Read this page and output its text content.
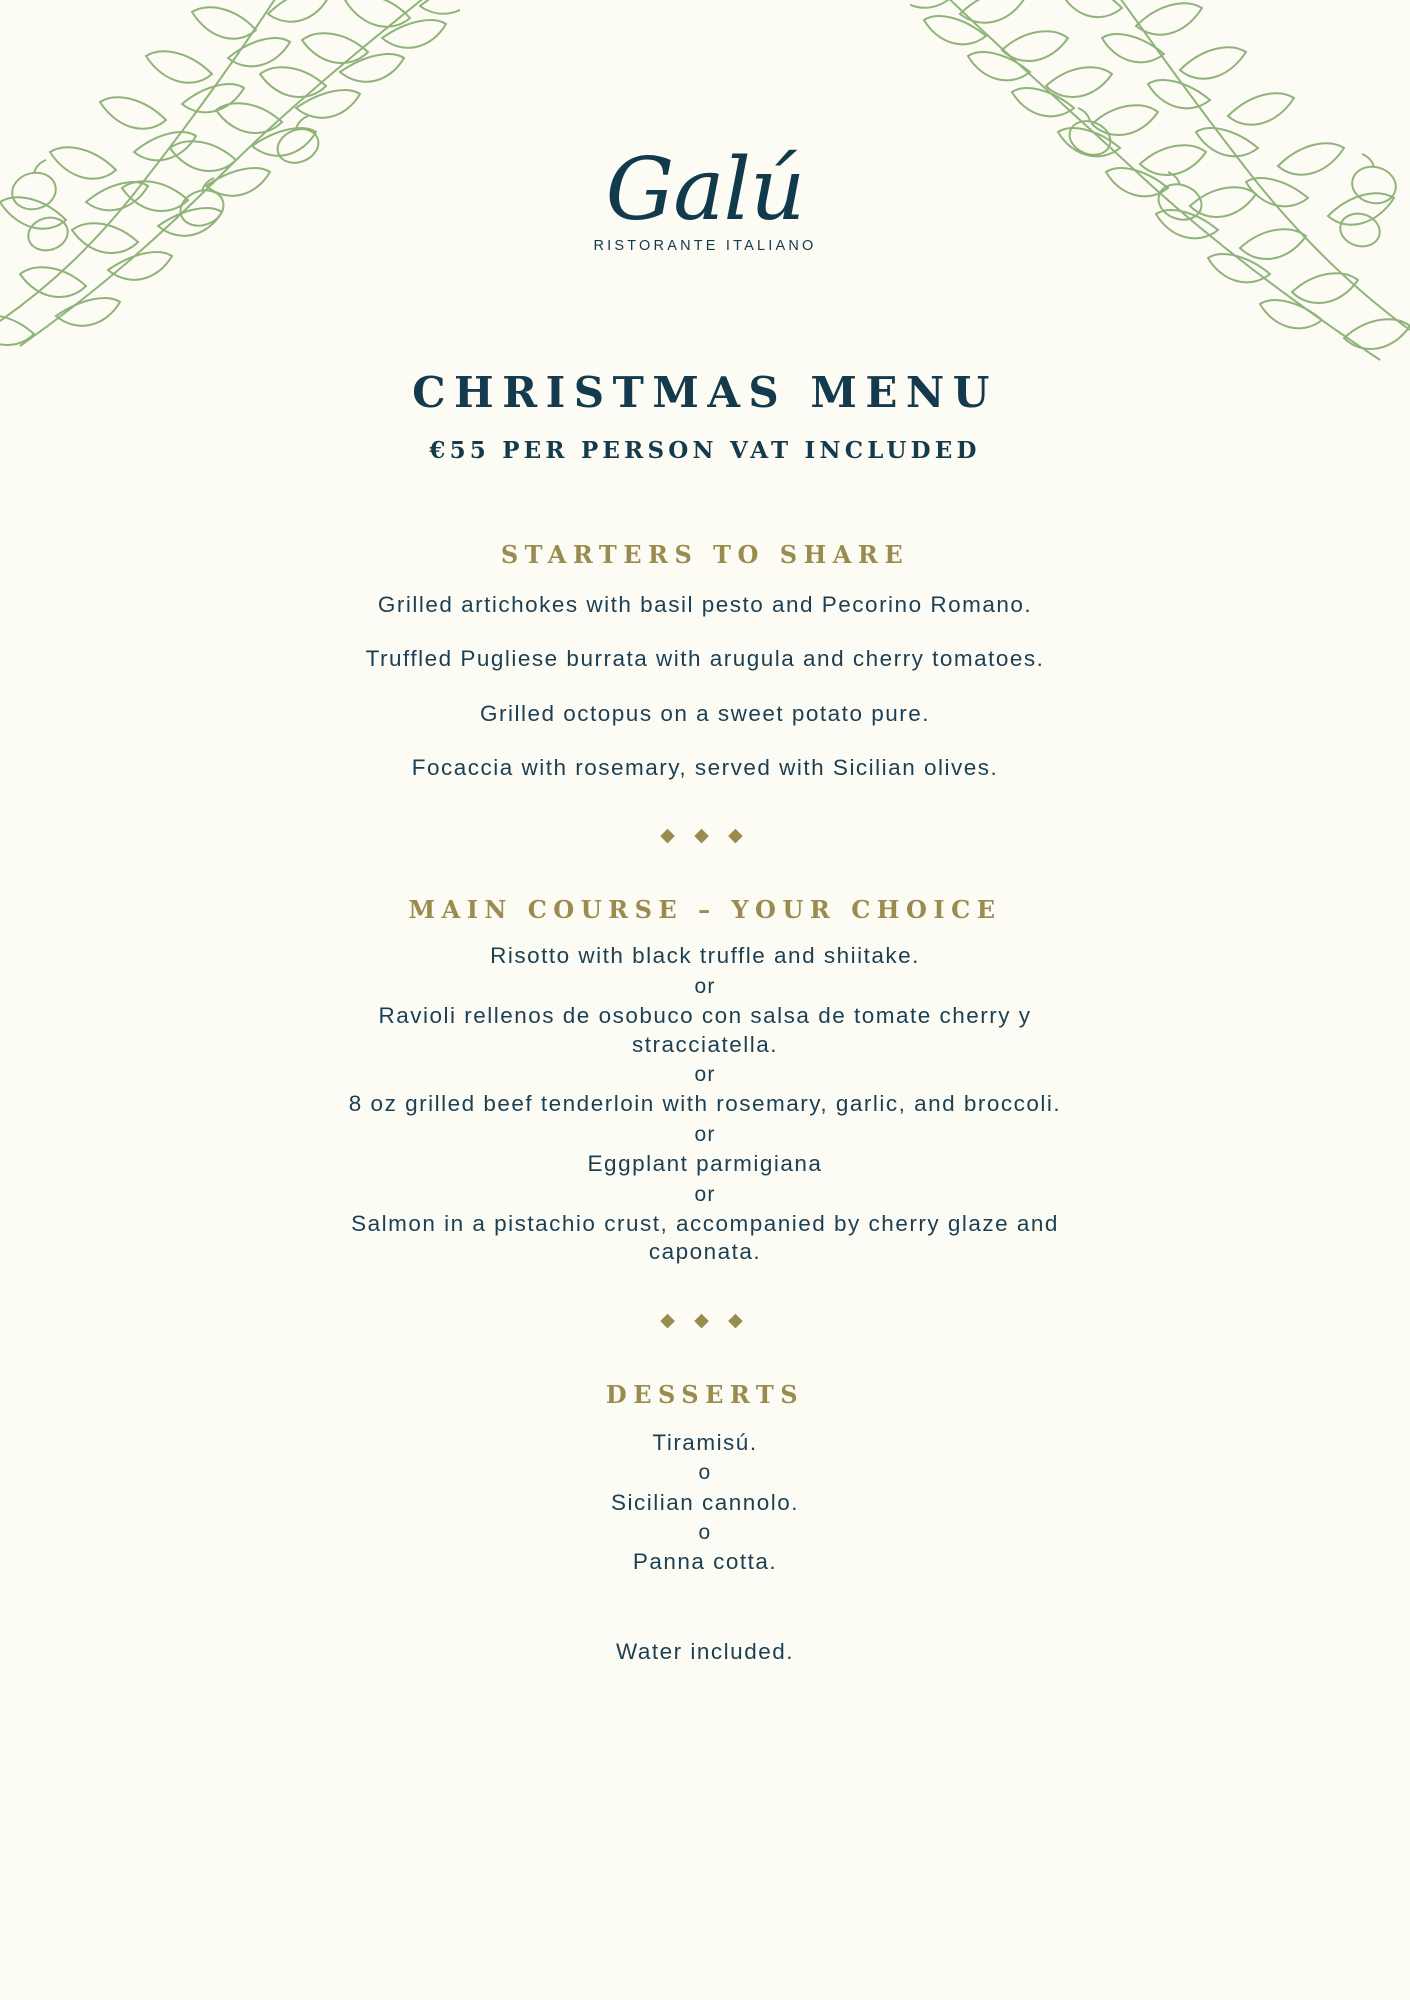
Galú
RISTORANTE ITALIANO
CHRISTMAS MENU
€55 PER PERSON VAT INCLUDED
STARTERS TO SHARE
Grilled artichokes with basil pesto and Pecorino Romano.
Truffled Pugliese burrata with arugula and cherry tomatoes.
Grilled octopus on a sweet potato pure.
Focaccia with rosemary, served with Sicilian olives.
◆ ◆ ◆
MAIN COURSE – YOUR CHOICE
Risotto with black truffle and shiitake.
or
Ravioli rellenos de osobuco con salsa de tomate cherry y stracciatella.
or
8 oz grilled beef tenderloin with rosemary, garlic, and broccoli.
or
Eggplant parmigiana
or
Salmon in a pistachio crust, accompanied by cherry glaze and caponata.
◆ ◆ ◆
DESSERTS
Tiramisú.
o
Sicilian cannolo.
o
Panna cotta.
Water included.
